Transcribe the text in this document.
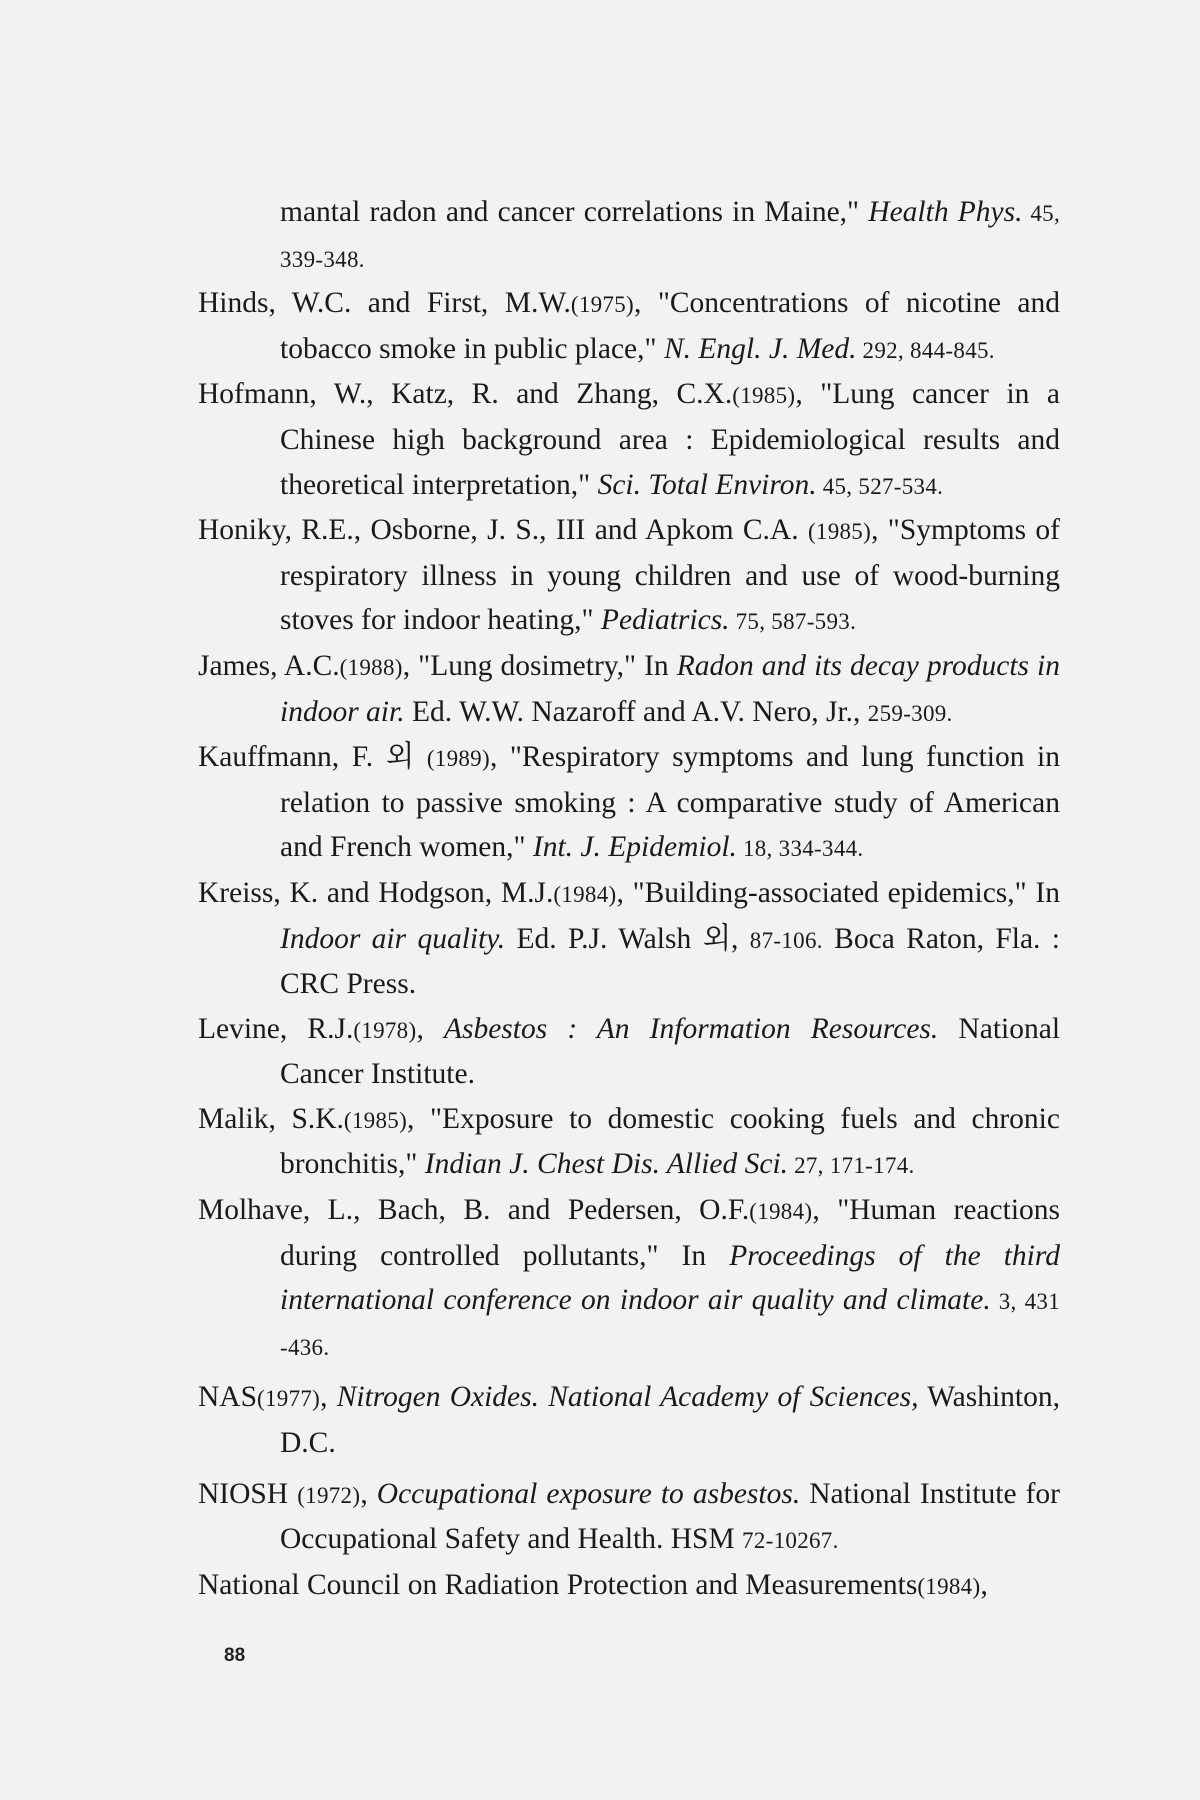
mantal radon and cancer correlations in Maine," Health Phys. 45, 339-348.
Hinds, W.C. and First, M.W.(1975), "Concentrations of nicotine and tobacco smoke in public place," N. Engl. J. Med. 292, 844-845.
Hofmann, W., Katz, R. and Zhang, C.X.(1985), "Lung cancer in a Chinese high background area : Epidemiological results and theoretical interpretation," Sci. Total Environ. 45, 527-534.
Honiky, R.E., Osborne, J. S., III and Apkom C.A. (1985), "Symptoms of respiratory illness in young children and use of wood-burning stoves for indoor heating," Pediatrics. 75, 587-593.
James, A.C.(1988), "Lung dosimetry," In Radon and its decay products in indoor air. Ed. W.W. Nazaroff and A.V. Nero, Jr., 259-309.
Kauffmann, F. 외 (1989), "Respiratory symptoms and lung function in relation to passive smoking : A comparative study of American and French women," Int. J. Epidemiol. 18, 334-344.
Kreiss, K. and Hodgson, M.J.(1984), "Building-associated epidemics," In Indoor air quality. Ed. P.J. Walsh 외, 87-106. Boca Raton, Fla. : CRC Press.
Levine, R.J.(1978), Asbestos : An Information Resources. National Cancer Institute.
Malik, S.K.(1985), "Exposure to domestic cooking fuels and chronic bronchitis," Indian J. Chest Dis. Allied Sci. 27, 171-174.
Molhave, L., Bach, B. and Pedersen, O.F.(1984), "Human reactions during controlled pollutants," In Proceedings of the third international conference on indoor air quality and climate. 3, 431 -436.
NAS(1977), Nitrogen Oxides. National Academy of Sciences, Washinton, D.C.
NIOSH (1972), Occupational exposure to asbestos. National Institute for Occupational Safety and Health. HSM 72-10267.
National Council on Radiation Protection and Measurements(1984),
88
